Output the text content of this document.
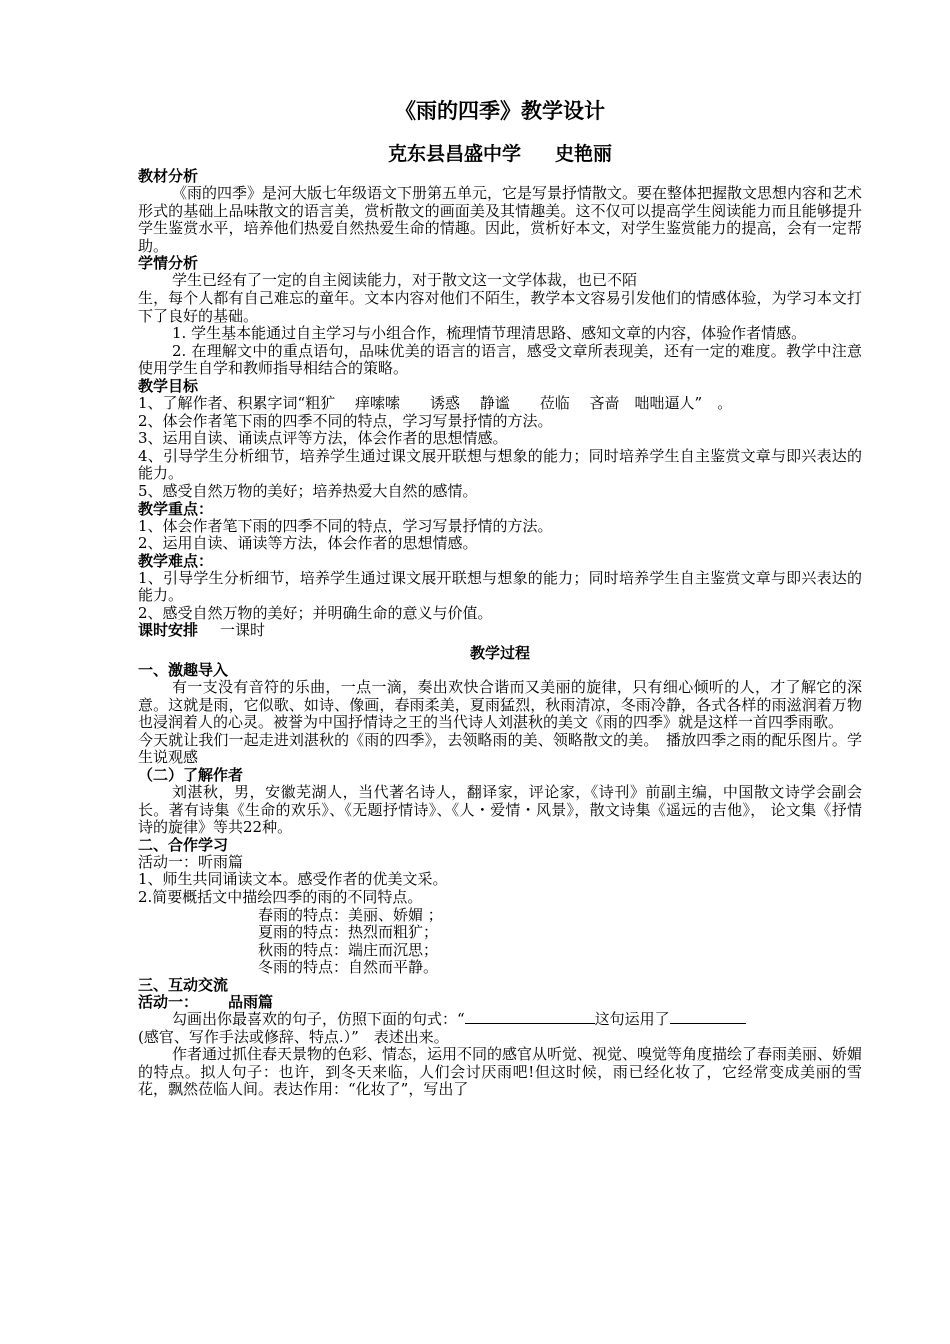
《雨的四季》教学设计
克东县昌盛中学 史艳丽
教材分析
《雨的四季》是河大版七年级语文下册第五单元，它是写景抒情散文。要在整体把握散文思想内容和艺术形式的基础上品味散文的语言美，赏析散文的画面美及其情趣美。这不仅可以提高学生阅读能力而且能够提升学生鉴赏水平，培养他们热爱自然热爱生命的情趣。因此，赏析好本文，对学生鉴赏能力的提高，会有一定帮助。
学情分析
学生已经有了一定的自主阅读能力，对于散文这一文学体裁，也已不陌
生，每个人都有自己难忘的童年。文本内容对他们不陌生，教学本文容易引发他们的情感体验，为学习本文打下了良好的基础。
1. 学生基本能通过自主学习与小组合作，梳理情节理清思路、感知文章的内容，体验作者情感。
2. 在理解文中的重点语句，品味优美的语言的语言，感受文章所表现美，还有一定的难度。教学中注意使用学生自学和教师指导相结合的策略。
教学目标
1、了解作者、积累字词“粗犷　 痒嗦嗦　　诱惑　 静谧　　莅临　 吝啬　咄咄逼人”　。
2、体会作者笔下雨的四季不同的特点，学习写景抒情的方法。
3、运用自读、诵读点评等方法，体会作者的思想情感。
4、引导学生分析细节，培养学生通过课文展开联想与想象的能力；同时培养学生自主鉴赏文章与即兴表达的能力。
5、感受自然万物的美好；培养热爱大自然的感情。
教学重点：
1、体会作者笔下雨的四季不同的特点，学习写景抒情的方法。
2、运用自读、诵读等方法，体会作者的思想情感。
教学难点：
1、引导学生分析细节，培养学生通过课文展开联想与想象的能力；同时培养学生自主鉴赏文章与即兴表达的能力。
2、感受自然万物的美好；并明确生命的意义与价值。
课时安排 一课时
教学过程
一、激趣导入
有一支没有音符的乐曲，一点一滴，奏出欢快合谐而又美丽的旋律，只有细心倾听的人，才了解它的深意。这就是雨，它似歌、如诗、像画，春雨柔美，夏雨猛烈，秋雨清凉，冬雨冷静，各式各样的雨滋润着万物也浸润着人的心灵。被誉为中国抒情诗之王的当代诗人刘湛秋的美文《雨的四季》就是这样一首四季雨歌。
今天就让我们一起走进刘湛秋的《雨的四季》，去领略雨的美、领略散文的美。　播放四季之雨的配乐图片。学生说观感
（二）了解作者
刘湛秋，男，安徽芜湖人，当代著名诗人，翻译家，评论家，《诗刊》前副主编，中国散文诗学会副会长。著有诗集《生命的欢乐》、《无题抒情诗》、《人・爱情・风景》，散文诗集《遥远的吉他》， 论文集《抒情诗的旋律》等共22种。
二、合作学习
活动一：听雨篇
1、师生共同诵读文本。感受作者的优美文采。
2.简要概括文中描绘四季的雨的不同特点。
春雨的特点：美丽、娇媚 ；
夏雨的特点：热烈而粗犷；
秋雨的特点：端庄而沉思；
冬雨的特点：自然而平静。
三、互动交流
活动一： 品雨篇
勾画出你最喜欢的句子，仿照下面的句式：“	这句运用了
(感官、写作手法或修辞、特点.）”　表述出来。
作者通过抓住春天景物的色彩、情态，运用不同的感官从听觉、视觉、嗅觉等角度描绘了春雨美丽、娇媚的特点。拟人句子：也许，到冬天来临，人们会讨厌雨吧!但这时候，雨已经化妆了，它经常变成美丽的雪花，飘然莅临人间。表达作用：“化妆了”，写出了
